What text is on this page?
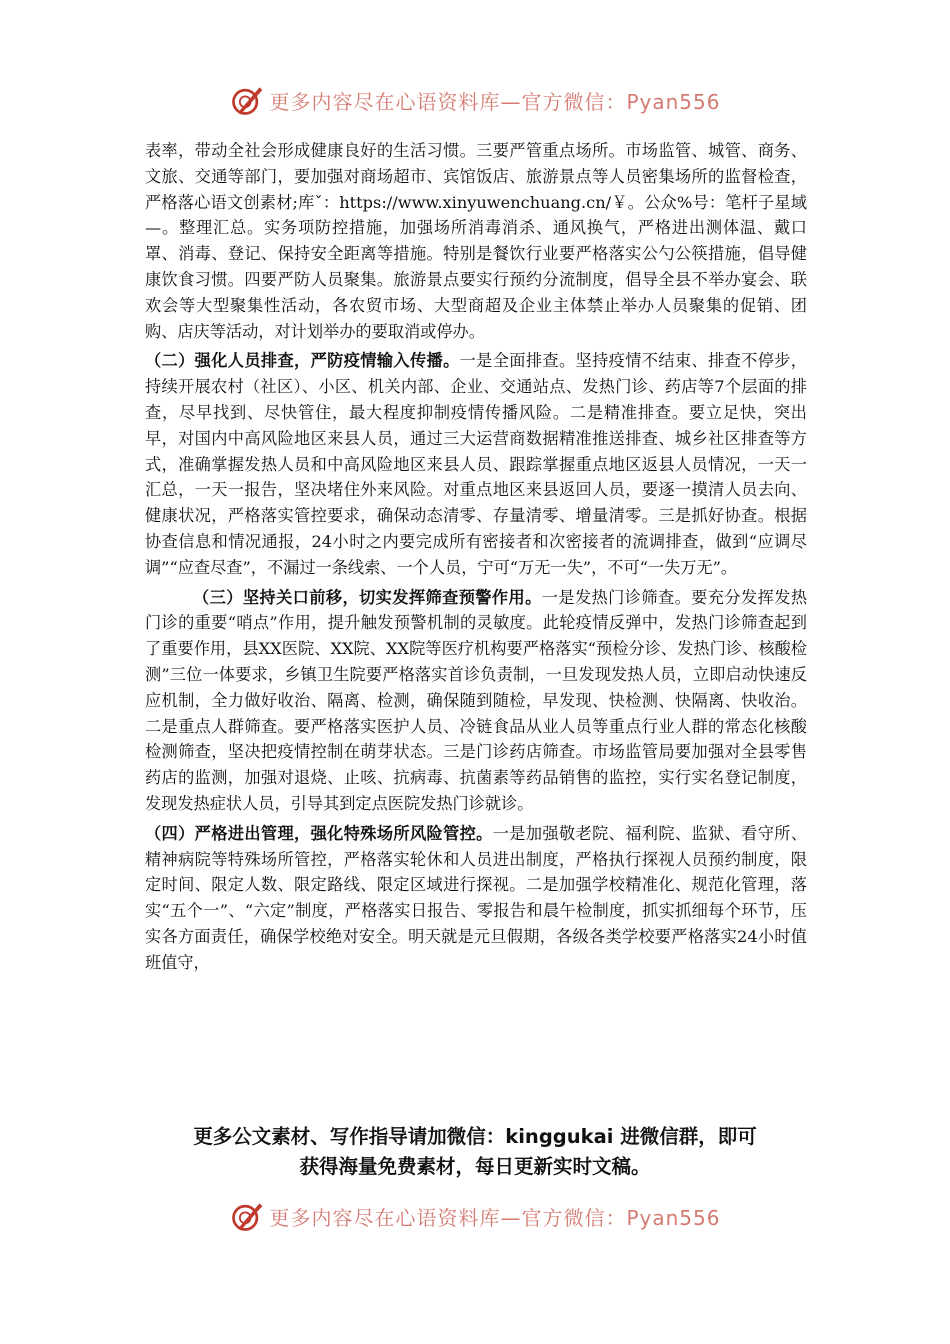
更多内容尽在心语资料库—官方微信：Pyan556

表率，带动全社会形成健康良好的生活习惯。三要严管重点场所。市场监管、城管、商务、文旅、交通等部门，要加强对商场超市、宾馆饭店、旅游景点等人员密集场所的监督检查，严格落心语文创素材;库ˇ：https://www.xinyuwenchuang.cn/￥。公众%号：笔杆子星域—。整理汇总。实务项防控措施，加强场所消毒消杀、通风换气，严格进出测体温、戴口罩、消毒、登记、保持安全距离等措施。特别是餐饮行业要严格落实公勺公筷措施，倡导健康饮食习惯。四要严防人员聚集。旅游景点要实行预约分流制度，倡导全县不举办宴会、联欢会等大型聚集性活动，各农贸市场、大型商超及企业主体禁止举办人员聚集的促销、团购、店庆等活动，对计划举办的要取消或停办。

（二）强化人员排查，严防疫情输入传播。一是全面排查。坚持疫情不结束、排查不停步，持续开展农村（社区）、小区、机关内部、企业、交通站点、发热门诊、药店等7个层面的排查，尽早找到、尽快管住，最大程度抑制疫情传播风险。二是精准排查。要立足快，突出早，对国内中高风险地区来县人员，通过三大运营商数据精准推送排查、城乡社区排查等方式，准确掌握发热人员和中高风险地区来县人员、跟踪掌握重点地区返县人员情况，一天一汇总，一天一报告，坚决堵住外来风险。对重点地区来县返回人员，要逐一摸清人员去向、健康状况，严格落实管控要求，确保动态清零、存量清零、增量清零。三是抓好协查。根据协查信息和情况通报，24小时之内要完成所有密接者和次密接者的流调排查，做到“应调尽调”“应查尽查”，不漏过一条线索、一个人员，宁可“万无一失”，不可“一失万无”。

（三）坚持关口前移，切实发挥筛查预警作用。一是发热门诊筛查。要充分发挥发热门诊的重要“哨点”作用，提升触发预警机制的灵敏度。此轮疫情反弹中，发热门诊筛查起到了重要作用，县XX医院、XX院、XX院等医疗机构要严格落实“预检分诊、发热门诊、核酸检测”三位一体要求，乡镇卫生院要严格落实首诊负责制，一旦发现发热人员，立即启动快速反应机制，全力做好收治、隔离、检测，确保随到随检，早发现、快检测、快隔离、快收治。二是重点人群筛查。要严格落实医护人员、冷链食品从业人员等重点行业人群的常态化核酸检测筛查，坚决把疫情控制在萌芽状态。三是门诊药店筛查。市场监管局要加强对全县零售药店的监测，加强对退烧、止咳、抗病毒、抗菌素等药品销售的监控，实行实名登记制度，发现发热症状人员，引导其到定点医院发热门诊就诊。

（四）严格进出管理，强化特殊场所风险管控。一是加强敬老院、福利院、监狱、看守所、精神病院等特殊场所管控，严格落实轮休和人员进出制度，严格执行探视人员预约制度，限定时间、限定人数、限定路线、限定区域进行探视。二是加强学校精准化、规范化管理，落实“五个一”、“六定”制度，严格落实日报告、零报告和晨午检制度，抓实抓细每个环节，压实各方面责任，确保学校绝对安全。明天就是元旦假期，各级各类学校要严格落实24小时值班值守，

更多公文素材、写作指导请加微信：kinggukai 进微信群，即可
获得海量免费素材，每日更新实时文稿。
更多内容尽在心语资料库—官方微信：Pyan556
